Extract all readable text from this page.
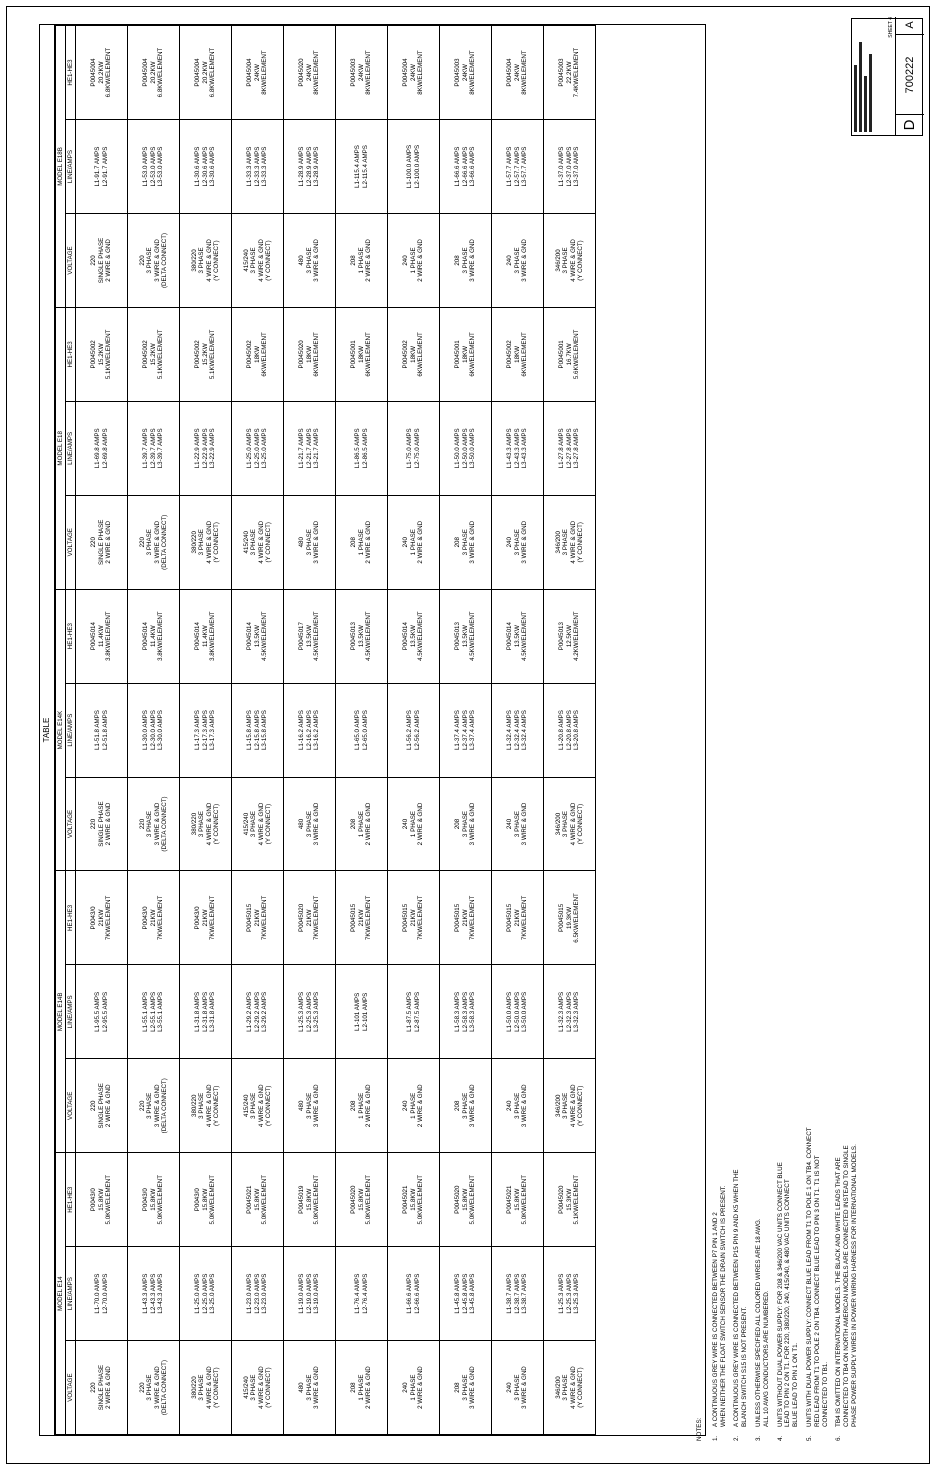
TABLE
MODEL E14			MODEL E14B			MODEL E14K			MODEL E18			MODEL E18B		
VOLTAGE	LINE/AMPS	HE1-HE3	VOLTAGE	LINE/AMPS	HE1-HE3	VOLTAGE	LINE/AMPS	HE1-HE3	VOLTAGE	LINE/AMPS	HE1-HE3	VOLTAGE	LINE/AMPS	HE1-HE3

220 SINGLE PHASE 2 WIRE & GND	L1-70.0 AMPS L2-70.0 AMPS	P0043/0 15.8KW 5.0KW/ELEMENT	220 SINGLE PHASE 2 WIRE & GND	L1-95.5 AMPS L2-95.5 AMPS	P0043/0 21KW 7KW/ELEMENT	220 SINGLE PHASE 2 WIRE & GND	L1-51.8 AMPS L2-51.8 AMPS	P0045014 11.4KW 3.8KW/ELEMENT	220 SINGLE PHASE 2 WIRE & GND	L1-69.8 AMPS L2-69.8 AMPS	P0045002 15.2KW 5.1KW/ELEMENT	220 SINGLE PHASE 2 WIRE & GND	L1-91.7 AMPS L2-91.7 AMPS	P0045004 20.2KW 6.8KW/ELEMENT

220 3 PHASE 3 WIRE & GND (DELTA CONNECT)	L1-43.3 AMPS L2-43.3 AMPS L3-43.3 AMPS	P0043/0 15.8KW 5.0KW/ELEMENT	220 3 PHASE 3 WIRE & GND (DELTA CONNECT)	L1-55.1 AMPS L2-55.1 AMPS L3-55.1 AMPS	P0043/0 21KW 7KW/ELEMENT	220 3 PHASE 3 WIRE & GND (DELTA CONNECT)	L1-30.0 AMPS L2-30.0 AMPS L3-30.0 AMPS	P0045014 11.4KW 3.8KW/ELEMENT	220 3 PHASE 3 WIRE & GND (DELTA CONNECT)	L1-39.7 AMPS L2-39.7 AMPS L3-39.7 AMPS	P0045002 15.2KW 5.1KW/ELEMENT	220 3 PHASE 3 WIRE & GND (DELTA CONNECT)	L1-53.0 AMPS L2-53.0 AMPS L3-53.0 AMPS	P0045004 20.2KW 6.8KW/ELEMENT

380/220 3 PHASE 4 WIRE & GND (Y CONNECT)	L1-25.0 AMPS L2-25.0 AMPS L3-25.0 AMPS	P0043/0 15.8KW 5.0KW/ELEMENT	380/220 3 PHASE 4 WIRE & GND (Y CONNECT)	L1-31.8 AMPS L2-31.8 AMPS L3-31.8 AMPS	P0043/0 21KW 7KW/ELEMENT	380/220 3 PHASE 4 WIRE & GND (Y CONNECT)	L1-17.3 AMPS L2-17.3 AMPS L3-17.3 AMPS	P0045014 11.4KW 3.8KW/ELEMENT	380/220 3 PHASE 4 WIRE & GND (Y CONNECT)	L1-22.9 AMPS L2-22.9 AMPS L3-22.9 AMPS	P0045002 15.2KW 5.1KW/ELEMENT	380/220 3 PHASE 4 WIRE & GND (Y CONNECT)	L1-30.6 AMPS L2-30.6 AMPS L3-30.6 AMPS	P0045004 20.2KW 6.8KW/ELEMENT

415/240 3 PHASE 4 WIRE & GND (Y CONNECT)	L1-23.0 AMPS L2-23.0 AMPS L3-23.0 AMPS	P0045021 15.8KW 5.0KW/ELEMENT	415/240 3 PHASE 4 WIRE & GND (Y CONNECT)	L1-29.2 AMPS L2-29.2 AMPS L3-29.2 AMPS	P0045015 21KW 7KW/ELEMENT	415/240 3 PHASE 4 WIRE & GND (Y CONNECT)	L1-15.8 AMPS L2-15.8 AMPS L3-15.8 AMPS	P0045014 13.5KW 4.5KW/ELEMENT	415/240 3 PHASE 4 WIRE & GND (Y CONNECT)	L1-25.0 AMPS L2-25.0 AMPS L3-25.0 AMPS	P0045002 18KW 6KW/ELEMENT	415/240 3 PHASE 4 WIRE & GND (Y CONNECT)	L1-33.3 AMPS L2-33.3 AMPS L3-33.3 AMPS	P0045004 24KW 8KW/ELEMENT

480 3 PHASE 3 WIRE & GND	L1-19.0 AMPS L2-19.0 AMPS L3-19.0 AMPS	P0045019 15.8KW 5.0KW/ELEMENT	480 3 PHASE 3 WIRE & GND	L1-25.3 AMPS L2-25.3 AMPS L3-25.3 AMPS	P0045020 21KW 7KW/ELEMENT	480 3 PHASE 3 WIRE & GND	L1-16.2 AMPS L2-16.2 AMPS L3-16.2 AMPS	P0045017 13.5KW 4.5KW/ELEMENT	480 3 PHASE 3 WIRE & GND	L1-21.7 AMPS L2-21.7 AMPS L3-21.7 AMPS	P0045020 18KW 6KW/ELEMENT	480 3 PHASE 3 WIRE & GND	L1-28.9 AMPS L2-28.9 AMPS L3-28.9 AMPS	P0045020 24KW 8KW/ELEMENT

208 1 PHASE 2 WIRE & GND	L1-76.4 AMPS L2-76.4 AMPS	P0045020 15.8KW 5.0KW/ELEMENT	208 1 PHASE 2 WIRE & GND	L1-101 AMPS L2-101 AMPS	P0045015 21KW 7KW/ELEMENT	208 1 PHASE 2 WIRE & GND	L1-65.0 AMPS L2-65.0 AMPS	P0045013 13.5KW 4.5KW/ELEMENT	208 1 PHASE 2 WIRE & GND	L1-86.5 AMPS L2-86.5 AMPS	P0045001 18KW 6KW/ELEMENT	208 1 PHASE 2 WIRE & GND	L1-115.4 AMPS L2-115.4 AMPS	P0045003 24KW 8KW/ELEMENT

240 1 PHASE 2 WIRE & GND	L1-66.6 AMPS L2-66.6 AMPS	P0045021 15.8KW 5.0KW/ELEMENT	240 1 PHASE 2 WIRE & GND	L1-87.5 AMPS L2-87.5 AMPS	P0045015 21KW 7KW/ELEMENT	240 1 PHASE 2 WIRE & GND	L1-56.2 AMPS L2-56.2 AMPS	P0045014 13.5KW 4.5KW/ELEMENT	240 1 PHASE 2 WIRE & GND	L1-75.0 AMPS L2-75.0 AMPS	P0045002 18KW 6KW/ELEMENT	240 1 PHASE 2 WIRE & GND	L1-100.0 AMPS L2-100.0 AMPS	P0045004 24KW 8KW/ELEMENT

208 3 PHASE 3 WIRE & GND	L1-45.8 AMPS L2-45.8 AMPS L3-45.8 AMPS	P0045020 15.8KW 5.0KW/ELEMENT	208 3 PHASE 3 WIRE & GND	L1-58.3 AMPS L2-58.3 AMPS L3-58.3 AMPS	P0045015 21KW 7KW/ELEMENT	208 3 PHASE 3 WIRE & GND	L1-37.4 AMPS L2-37.4 AMPS L3-37.4 AMPS	P0045013 13.5KW 4.5KW/ELEMENT	208 3 PHASE 3 WIRE & GND	L1-50.0 AMPS L2-50.0 AMPS L3-50.0 AMPS	P0045001 18KW 6KW/ELEMENT	208 3 PHASE 3 WIRE & GND	L1-66.6 AMPS L2-66.6 AMPS L3-66.6 AMPS	P0045003 24KW 8KW/ELEMENT

240 3 PHASE 3 WIRE & GND	L1-38.7 AMPS L2-38.7 AMPS L3-38.7 AMPS	P0045021 15.8KW 5.0KW/ELEMENT	240 3 PHASE 3 WIRE & GND	L1-50.0 AMPS L2-50.0 AMPS L3-50.0 AMPS	P0045015 21KW 7KW/ELEMENT	240 3 PHASE 3 WIRE & GND	L1-32.4 AMPS L2-32.4 AMPS L3-32.4 AMPS	P0045014 13.5KW 4.5KW/ELEMENT	240 3 PHASE 3 WIRE & GND	L1-43.3 AMPS L2-43.3 AMPS L3-43.3 AMPS	P0045002 18KW 6KW/ELEMENT	240 3 PHASE 3 WIRE & GND	L1-57.7 AMPS L2-57.7 AMPS L3-57.7 AMPS	P0045004 24KW 8KW/ELEMENT

346/200 3 PHASE 4 WIRE & GND (Y CONNECT)	L1-25.3 AMPS L2-25.3 AMPS L3-25.3 AMPS	P0045020 15.3KW 5.1KW/ELEMENT	346/200 3 PHASE 4 WIRE & GND (Y CONNECT)	L1-32.3 AMPS L2-32.3 AMPS L3-32.3 AMPS	P0045015 19.3KW 6.5KW/ELEMENT	346/200 3 PHASE 4 WIRE & GND (Y CONNECT)	L1-20.8 AMPS L2-20.8 AMPS L3-20.8 AMPS	P0045013 12.5KW 4.2KW/ELEMENT	346/200 3 PHASE 4 WIRE & GND (Y CONNECT)	L1-27.8 AMPS L2-27.8 AMPS L3-27.8 AMPS	P0045001 16.7KW 5.6KW/ELEMENT	346/200 3 PHASE 4 WIRE & GND (Y CONNECT)	L1-37.0 AMPS L2-37.0 AMPS L3-37.0 AMPS	P0045003 22.2KW 7.4KW/ELEMENT
NOTES: 1.
A CONTINUOUS GREY WIRE IS CONNECTED BETWEEN P7 PIN 1 AND 2
WHEN NEITHER THE FLOAT SWITCH SENSOR THE DRAIN SWITCH IS PRESENT.
2.
A CONTINUOUS GREY WIRE IS CONNECTED BETWEEN P15 PIN 9 AND K5 WHEN THE
BLANCH SWITCH S15 IS NOT PRESENT.
3.
UNLESS OTHERWISE SPECIFIED ALL COLORED WIRES ARE 18 AWG.
ALL 10 AWG CONDUCTORS ARE NUMBERED.
4.
UNITS WITHOUT DUAL POWER SUPPLY: FOR 208 & 346/200 VAC UNITS CONNECT BLUE
LEAD TO PIN 2 ON T1. FOR 220, 380/220, 240, 415/240, & 480 VAC UNITS CONNECT
BLUE LEAD TO PIN 1 ON T1.
5.
UNITS WITH DUAL POWER SUPPLY: CONNECT BLUE LEAD FROM T1 TO POLE 1 ON TB4. CONNECT
RED LEAD FROM T1 TO POLE 2 ON TB4. CONNECT BLUE LEAD TO PIN 3 ON T1. T1 IS NOT
CONNECTED TO TB1.
6.
TB4 IS OMITTED ON INTERNATIONAL MODELS. THE BLACK AND WHITE LEADS THAT ARE
CONNECTED TO TB4 ON NORTH AMERICAN MODELS ARE CONNECTED INSTEAD TO SINGLE
PHASE POWER SUPPLY WIRES IN POWER WIRING HARNESS FOR INTERNATIONAL MODELS.
SHEET 4
D
700222
A
